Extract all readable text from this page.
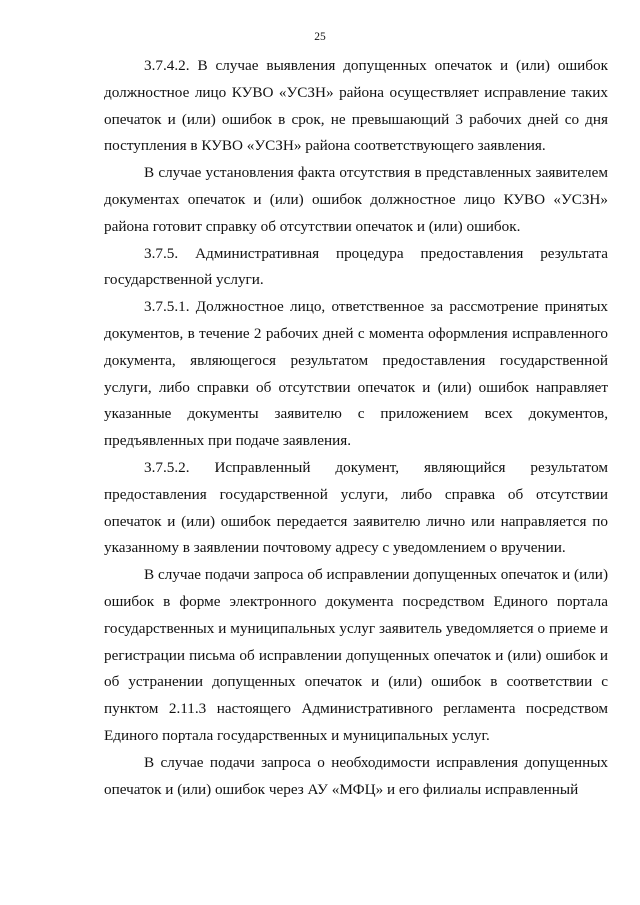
25

3.7.4.2. В случае выявления допущенных опечаток и (или) ошибок должностное лицо КУВО «УСЗН» района осуществляет исправление таких опечаток и (или) ошибок в срок, не превышающий 3 рабочих дней со дня поступления в КУВО «УСЗН» района соответствующего заявления.

В случае установления факта отсутствия в представленных заявителем документах опечаток и (или) ошибок должностное лицо КУВО «УСЗН» района готовит справку об отсутствии опечаток и (или) ошибок.

3.7.5. Административная процедура предоставления результата государственной услуги.

3.7.5.1. Должностное лицо, ответственное за рассмотрение принятых документов, в течение 2 рабочих дней с момента оформления исправленного документа, являющегося результатом предоставления государственной услуги, либо справки об отсутствии опечаток и (или) ошибок направляет указанные документы заявителю с приложением всех документов, предъявленных при подаче заявления.

3.7.5.2. Исправленный документ, являющийся результатом предоставления государственной услуги, либо справка об отсутствии опечаток и (или) ошибок передается заявителю лично или направляется по указанному в заявлении почтовому адресу с уведомлением о вручении.

В случае подачи запроса об исправлении допущенных опечаток и (или) ошибок в форме электронного документа посредством Единого портала государственных и муниципальных услуг заявитель уведомляется о приеме и регистрации письма об исправлении допущенных опечаток и (или) ошибок и об устранении допущенных опечаток и (или) ошибок в соответствии с пунктом 2.11.3 настоящего Административного регламента посредством Единого портала государственных и муниципальных услуг.

В случае подачи запроса о необходимости исправления допущенных опечаток и (или) ошибок через АУ «МФЦ» и его филиалы исправленный
